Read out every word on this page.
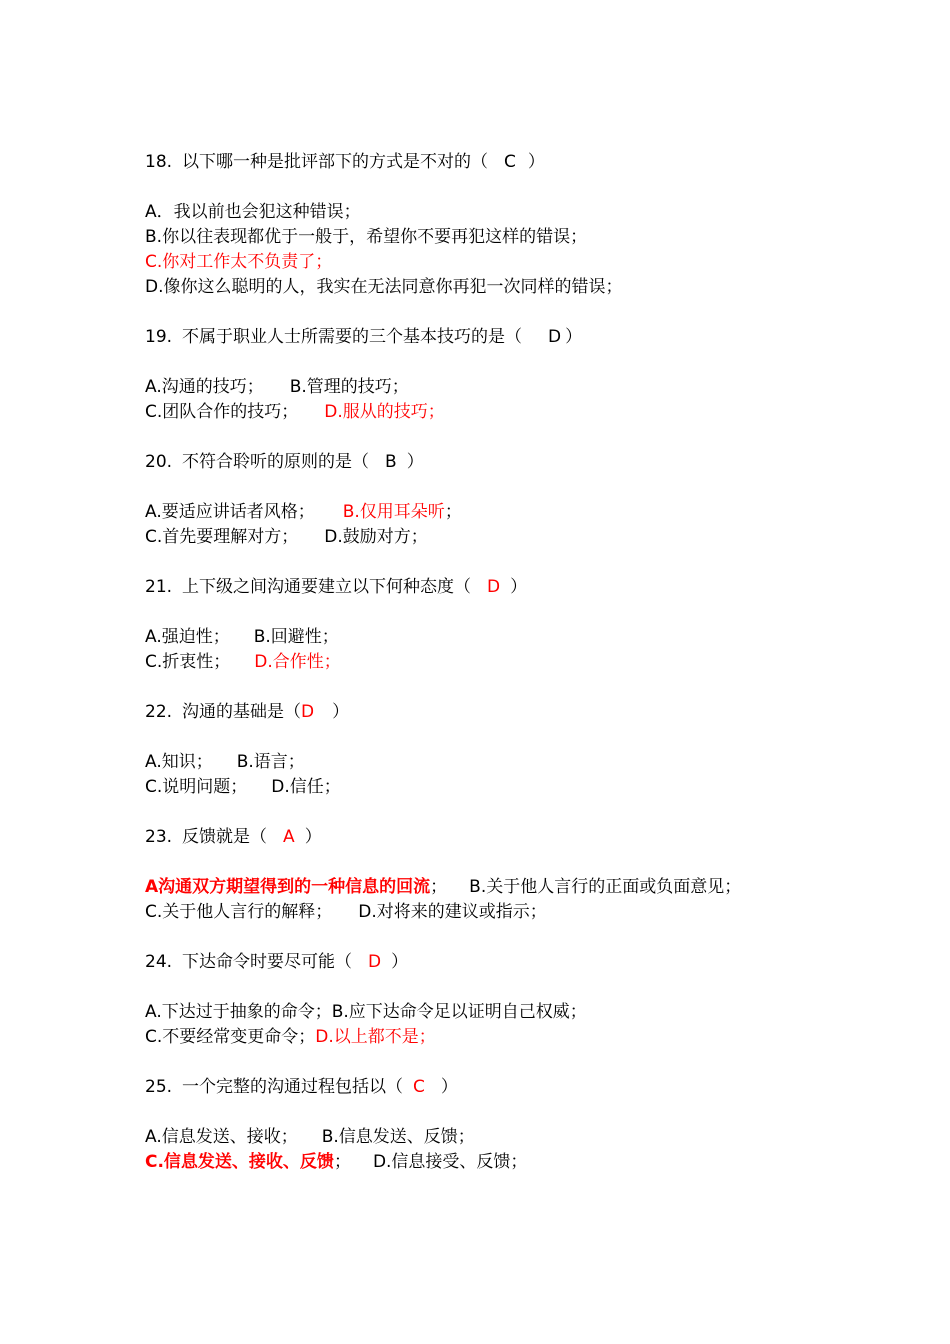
18. 以下哪一种是批评部下的方式是不对的（ C ）
A．我以前也会犯这种错误；
B.你以往表现都优于一般于，希望你不要再犯这样的错误；
C.你对工作太不负责了；
D.像你这么聪明的人，我实在无法同意你再犯一次同样的错误；
19. 不属于职业人士所需要的三个基本技巧的是（ D ）
A.沟通的技巧； B.管理的技巧；
C.团队合作的技巧； D.服从的技巧；
20. 不符合聆听的原则的是（ B ）
A.要适应讲话者风格； B.仅用耳朵听；
C.首先要理解对方； D.鼓励对方；
21. 上下级之间沟通要建立以下何种态度（ D ）
A.强迫性； B.回避性；
C.折衷性； D.合作性；
22. 沟通的基础是（D ）
A.知识； B.语言；
C.说明问题； D.信任；
23. 反馈就是（ A ）
A沟通双方期望得到的一种信息的回流； B.关于他人言行的正面或负面意见；
C.关于他人言行的解释； D.对将来的建议或指示；
24. 下达命令时要尽可能（ D ）
A.下达过于抽象的命令；B.应下达命令足以证明自己权威；
C.不要经常变更命令；D.以上都不是；
25. 一个完整的沟通过程包括以（ C ）
A.信息发送、接收； B.信息发送、反馈；
C.信息发送、接收、反馈； D.信息接受、反馈；
